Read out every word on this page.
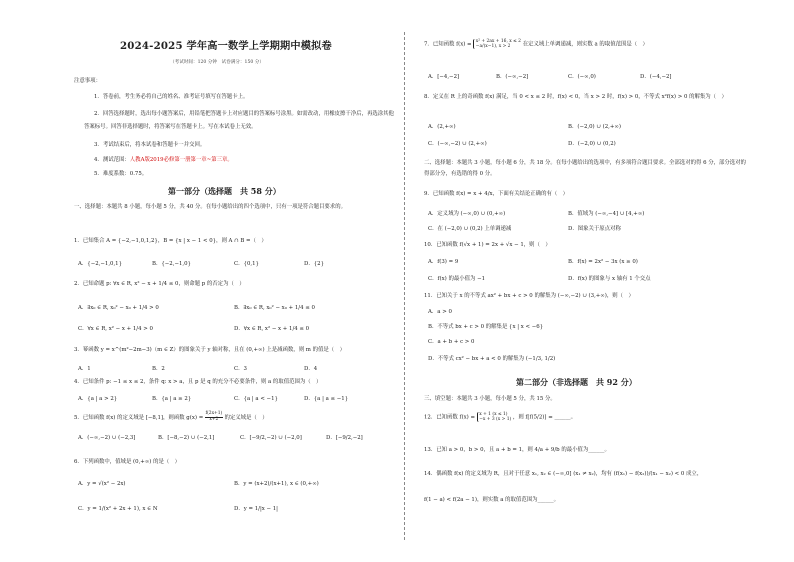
2024-2025 学年高一数学上学期期中模拟卷
（考试时间：120 分钟　试卷满分：150 分）
注意事项：
1．答卷前，考生务必将自己的姓名、准考证号填写在答题卡上。
2．回答选择题时，选出每小题答案后，用铅笔把答题卡上对应题目的答案标号涂黑。如需改动，用橡皮擦干净后，再选涂其他答案标号。回答非选择题时，将答案写在答题卡上。写在本试卷上无效。
3．考试结束后，将本试卷和答题卡一并交回。
4．测试范围：人教A版2019必修第一册第一章~第三章。
5．难度系数：0.75。
第一部分（选择题　共 58 分）
一、选择题：本题共 8 小题，每小题 5 分，共 40 分。在每小题给出的四个选项中，只有一项是符合题目要求的。
1．已知集合 A = {−2,−1,0,1,2}，B = {x | x − 1 < 0}，则 A ∩ B =（　）
A．{−2,−1,0,1}	B．{−2,−1,0}	C．{0,1}	D．{2}
2．已知命题 p: ∀x ∈ R, x² − x + 1/4 ≤ 0，则命题 p 的否定为（　）
A．∃x₀ ∈ R, x₀² − x₀ + 1/4 > 0	B．∃x₀ ∈ R, x₀² − x₀ + 1/4 ≤ 0
C．∀x ∈ R, x² − x + 1/4 > 0	D．∀x ∈ R, x² − x + 1/4 ≤ 0
3．幂函数 y = x^(m²−2m−3)（m ∈ Z）的图象关于 y 轴对称，且在 (0,+∞) 上是减函数，则 m 的值是（　）
A．1	B．2	C．3	D．4
4．已知条件 p: −1 ≤ x ≤ 2，条件 q: x > a，且 p 是 q 的充分不必要条件，则 a 的取值范围为（　）
A．{a | a > 2}	B．{a | a ≥ 2}	C．{a | a < −1}	D．{a | a ≤ −1}
5．已知函数 f(x) 的定义域是 [−8,1]，则函数 $g(x) = \frac{f(2x+1)}{x+2}$ 的定义域是（　）
A．(−∞,−2) ∪ (−2,3]	B．[−8,−2) ∪ (−2,1]	C．[−9/2,−2) ∪ (−2,0]	D．[−9/2,−2]
6．下列函数中，值域是 (0,+∞) 的是（　）
A．y = √(x² − 2x)	B．y = (x+2)/(x+1), x ∈ (0,+∞)
C．y = 1/(x² + 2x + 1), x ∈ N	D．y = 1/|x − 1|
7．已知函数 f(x) =
x² + 2ax + 16, x ≤ 2
−a/(x−1), x > 2	在定义域上单调递减，则实数 a 的取值范围是（　）
A．[−4,−2]	B．(−∞,−2]	C．(−∞,0)	D．(−4,−2]
8．定义在 R 上的奇函数 f(x) 满足，当 0 < x ≤ 2 时，f(x) < 0，当 x > 2 时，f(x) > 0，不等式 x²f(x) > 0 的解集为（　）
A．(2,+∞)	B．(−2,0) ∪ (2,+∞)
C．(−∞,−2) ∪ (2,+∞)	D．(−2,0) ∪ (0,2)
二、选择题：本题共 3 小题，每小题 6 分，共 18 分。在每小题给出的选项中，有多项符合题目要求。全部选对的得 6 分，部分选对的得部分分，有选错的得 0 分。
9．已知函数 f(x) = x + 4/x，下面有关结论正确的有（　）
A．定义域为 (−∞,0) ∪ (0,+∞)	B．值域为 (−∞,−4] ∪ [4,+∞)
C．在 (−2,0) ∪ (0,2) 上单调递减	D．图象关于原点对称
10．已知函数 f(√x + 1) = 2x + √x − 1，则（　）
A．f(3) = 9	B．f(x) = 2x² − 3x (x ≥ 0)
C．f(x) 的最小值为 −1	D．f(x) 的图象与 x 轴有 1 个交点
11．已知关于 x 的不等式 ax² + bx + c > 0 的解集为 (−∞,−2) ∪ (3,+∞)，则（　）
A．a > 0
B．不等式 bx + c > 0 的解集是 {x | x < −6}
C．a + b + c > 0
D．不等式 cx² − bx + a < 0 的解集为 (−1/3, 1/2)
第二部分（非选择题　共 92 分）
三、填空题：本题共 3 小题，每小题 5 分，共 15 分。
12．已知函数 f(x) =
x + 1 (x ≤ 1)
−x + 3 (x > 1) ，则 f[f(5/2)] = ______。
13．已知 a > 0，b > 0，且 a + b = 1，则 4/a + 9/b 的最小值为______。
14．偶函数 f(x) 的定义域为 R，且对于任意 x₁, x₂ ∈ (−∞,0] (x₁ ≠ x₂)，均有 (f(x₁) − f(x₂))/(x₁ − x₂) < 0 成立，
f(1 − a) < f(2a − 1)，则实数 a 的取值范围为______。
